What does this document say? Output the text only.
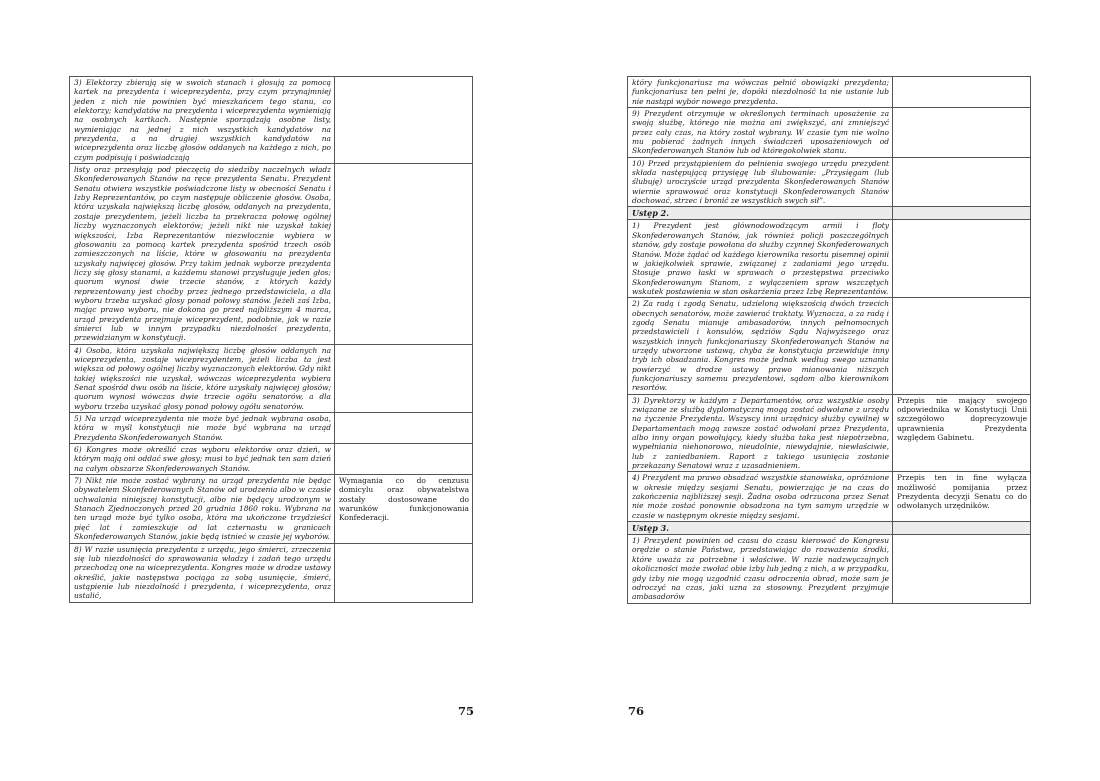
3) Elektorzy zbierają się w swoich stanach i głosują za pomocą kartek na prezydenta i wiceprezydenta, przy czym przynajmniej jeden z nich nie powinien być mieszkańcem tego stanu, co elektorzy; kandydatów na prezydenta i wiceprezydenta wymieniają na osobnych kartkach. Następnie sporządzają osobne listy, wymieniając na jednej z nich wszystkich kandydatów na prezydenta, a na drugiej wszystkich kandydatów na wiceprezydenta oraz liczbę głosów oddanych na każdego z nich, po czym podpisują i poświadczają	
listy oraz przesyłają pod pieczęcią do siedziby naczelnych władz Skonfederowanych Stanów na ręce prezydenta Senatu. Prezydent Senatu otwiera wszystkie poświadczone listy w obecności Senatu i Izby Reprezentantów, po czym następuje obliczenie głosów. Osoba, która uzyskała największą liczbę głosów, oddanych na prezydenta, zostaje prezydentem, jeżeli liczba ta przekracza połowę ogólnej liczby wyznaczonych elektorów; jeżeli nikt nie uzyskał takiej większości, Izba Reprezentantów niezwłocznie wybiera w głosowaniu za pomocą kartek prezydenta spośród trzech osób zamieszczonych na liście, które w głosowaniu na prezydenta uzyskały najwięcej głosów. Przy takim jednak wyborze prezydenta liczy się głosy stanami, a każdemu stanowi przysługuje jeden głos; quorum wynosi dwie trzecie stanów, z których każdy reprezentowany jest choćby przez jednego przedstawiciela, a dla wyboru trzeba uzyskać głosy ponad połowy stanów. Jeżeli zaś Izba, mając prawo wyboru, nie dokona go przed najbliższym 4 marca, urząd prezydenta przejmuje wiceprezydent, podobnie, jak w razie śmierci lub w innym przypadku niezdolności prezydenta, przewidzianym w konstytucji.	
4) Osoba, która uzyskała największą liczbę głosów oddanych na wiceprezydenta, zostaje wiceprezydentem, jeżeli liczba ta jest większa od połowy ogólnej liczby wyznaczonych elektorów. Gdy nikt takiej większości nie uzyskał, wówczas wiceprezydenta wybiera Senat spośród dwu osób na liście, które uzyskały najwięcej głosów; quorum wynosi wówczas dwie trzecie ogółu senatorów, a dla wyboru trzeba uzyskać głosy ponad połowy ogółu senatorów.	
5) Na urząd wiceprezydenta nie może być jednak wybrana osoba, która w myśl konstytucji nie może być wybrana na urząd Prezydenta Skonfederowanych Stanów.	
6) Kongres może określić czas wyboru elektorów oraz dzień, w którym mają oni oddać swe głosy; musi to być jednak ten sam dzień na całym obszarze Skonfederowanych Stanów.	
7) Nikt nie może zostać wybrany na urząd prezydenta nie będąc obywatelem Skonfederowanych Stanów od urodzenia albo w czasie uchwalania niniejszej konstytucji, albo nie będący urodzonym w Stanach Zjednoczonych przed 20 grudnia 1860 roku. Wybrana na ten urząd może być tylko osoba, która ma ukończone trzydzieści pięć lat i zamieszkuje od lat czternastu w granicach Skonfederowanych Stanów, jakie będą istnieć w czasie jej wyborów.	Wymagania co do cenzusu domicylu oraz obywatelstwa zostały dostosowane do warunków funkcjonowania Konfederacji.
8) W razie usunięcia prezydenta z urzędu, jego śmierci, zrzeczenia się lub niezdolności do sprawowania władzy i zadań tego urzędu przechodzą one na wiceprezydenta. Kongres może w drodze ustawy określić, jakie następstwa pociąga za sobą usunięcie, śmierć, ustąpienie lub niezdolność i prezydenta, i wiceprezydenta, oraz ustalić,	
75
który funkcjonariusz ma wówczas pełnić obowiązki prezydenta; funkcjonariusz ten pełni je, dopóki niezdolność ta nie ustanie lub nie nastąpi wybór nowego prezydenta.	
9) Prezydent otrzymuje w określonych terminach uposażenie za swoją służbę, którego nie można ani zwiększyć, ani zmniejszyć przez cały czas, na który został wybrany. W czasie tym nie wolno mu pobierać żadnych innych świadczeń uposażeniowych od Skonfederowanych Stanów lub od któregokolwiek stanu.	
10) Przed przystąpieniem do pełnienia swojego urzędu prezydent składa następującą przysięgę lub ślubowanie: „Przysięgam (lub ślubuję) uroczyście urząd prezydenta Skonfederowanych Stanów wiernie sprawować oraz konstytucji Skonfederowanych Stanów dochować, strzec i bronić ze wszystkich swych sił”.	
Ustęp 2.	
1) Prezydent jest głównodowodzącym armii i floty Skonfederowanych Stanów, jak również policji poszczególnych stanów, gdy zostaje powołana do służby czynnej Skonfederowanych Stanów. Może żądać od każdego kierownika resortu pisemnej opinii w jakiejkolwiek sprawie, związanej z zadaniami jego urzędu. Stosuje prawo łaski w sprawach o przestępstwa przeciwko Skonfederowanym Stanom, z wyłączeniem spraw wszczętych wskutek postawienia w stan oskarżenia przez Izbę Reprezentantów.	
2) Za radą i zgodą Senatu, udzieloną większością dwóch trzecich obecnych senatorów, może zawierać traktaty. Wyznacza, a za radą i zgodą Senatu mianuje ambasadorów, innych pełnomocnych przedstawicieli i konsulów, sędziów Sądu Najwyższego oraz wszystkich innych funkcjonariuszy Skonfederowanych Stanów na urzędy utworzone ustawą, chyba że konstytucja przewiduje inny tryb ich obsadzania. Kongres może jednak według swego uznania powierzyć w drodze ustawy prawo mianowania niższych funkcjonariuszy samemu prezydentowi, sądom albo kierownikom resortów.	
3) Dyrektorzy w każdym z Departamentów, oraz wszystkie osoby związane ze służbą dyplomatyczną mogą zostać odwołane z urzędu na życzenie Prezydenta. Wszyscy inni urzędnicy służby cywilnej w Departamentach mogą zawsze zostać odwołani przez Prezydenta, albo inny organ powołujący, kiedy służba taka jest niepotrzebna, wypełniania niehonorowo, nieudolnie, niewydajnie, niewłaściwie, lub z zaniedbaniem. Raport z takiego usunięcia zostanie przekazany Senatowi wraz z uzasadnieniem.	Przepis nie mający swojego odpowiednika w Konstytucji Unii szczegółowo doprecyzowuje uprawnienia Prezydenta względem Gabinetu.
4) Prezydent ma prawo obsadzać wszystkie stanowiska, opróżnione w okresie między sesjami Senatu, powierzając je na czas do zakończenia najbliższej sesji. Żadna osoba odrzucona przez Senat nie może zostać ponownie obsadzona na tym samym urzędzie w czasie w następnym okresie między sesjami.	Przepis ten in fine wyłącza możliwość pomijania przez Prezydenta decyzji Senatu co do odwołanych urzędników.
Ustęp 3.	
1) Prezydent powinien od czasu do czasu kierować do Kongresu orędzie o stanie Państwa, przedstawiając do rozważenia środki, które uważa za potrzebne i właściwe. W razie nadzwyczajnych okoliczności może zwołać obie izby lub jedną z nich, a w przypadku, gdy izby nie mogą uzgodnić czasu odroczenia obrad, może sam je odroczyć na czas, jaki uzna za stosowny. Prezydent przyjmuje ambasadorów	
76
